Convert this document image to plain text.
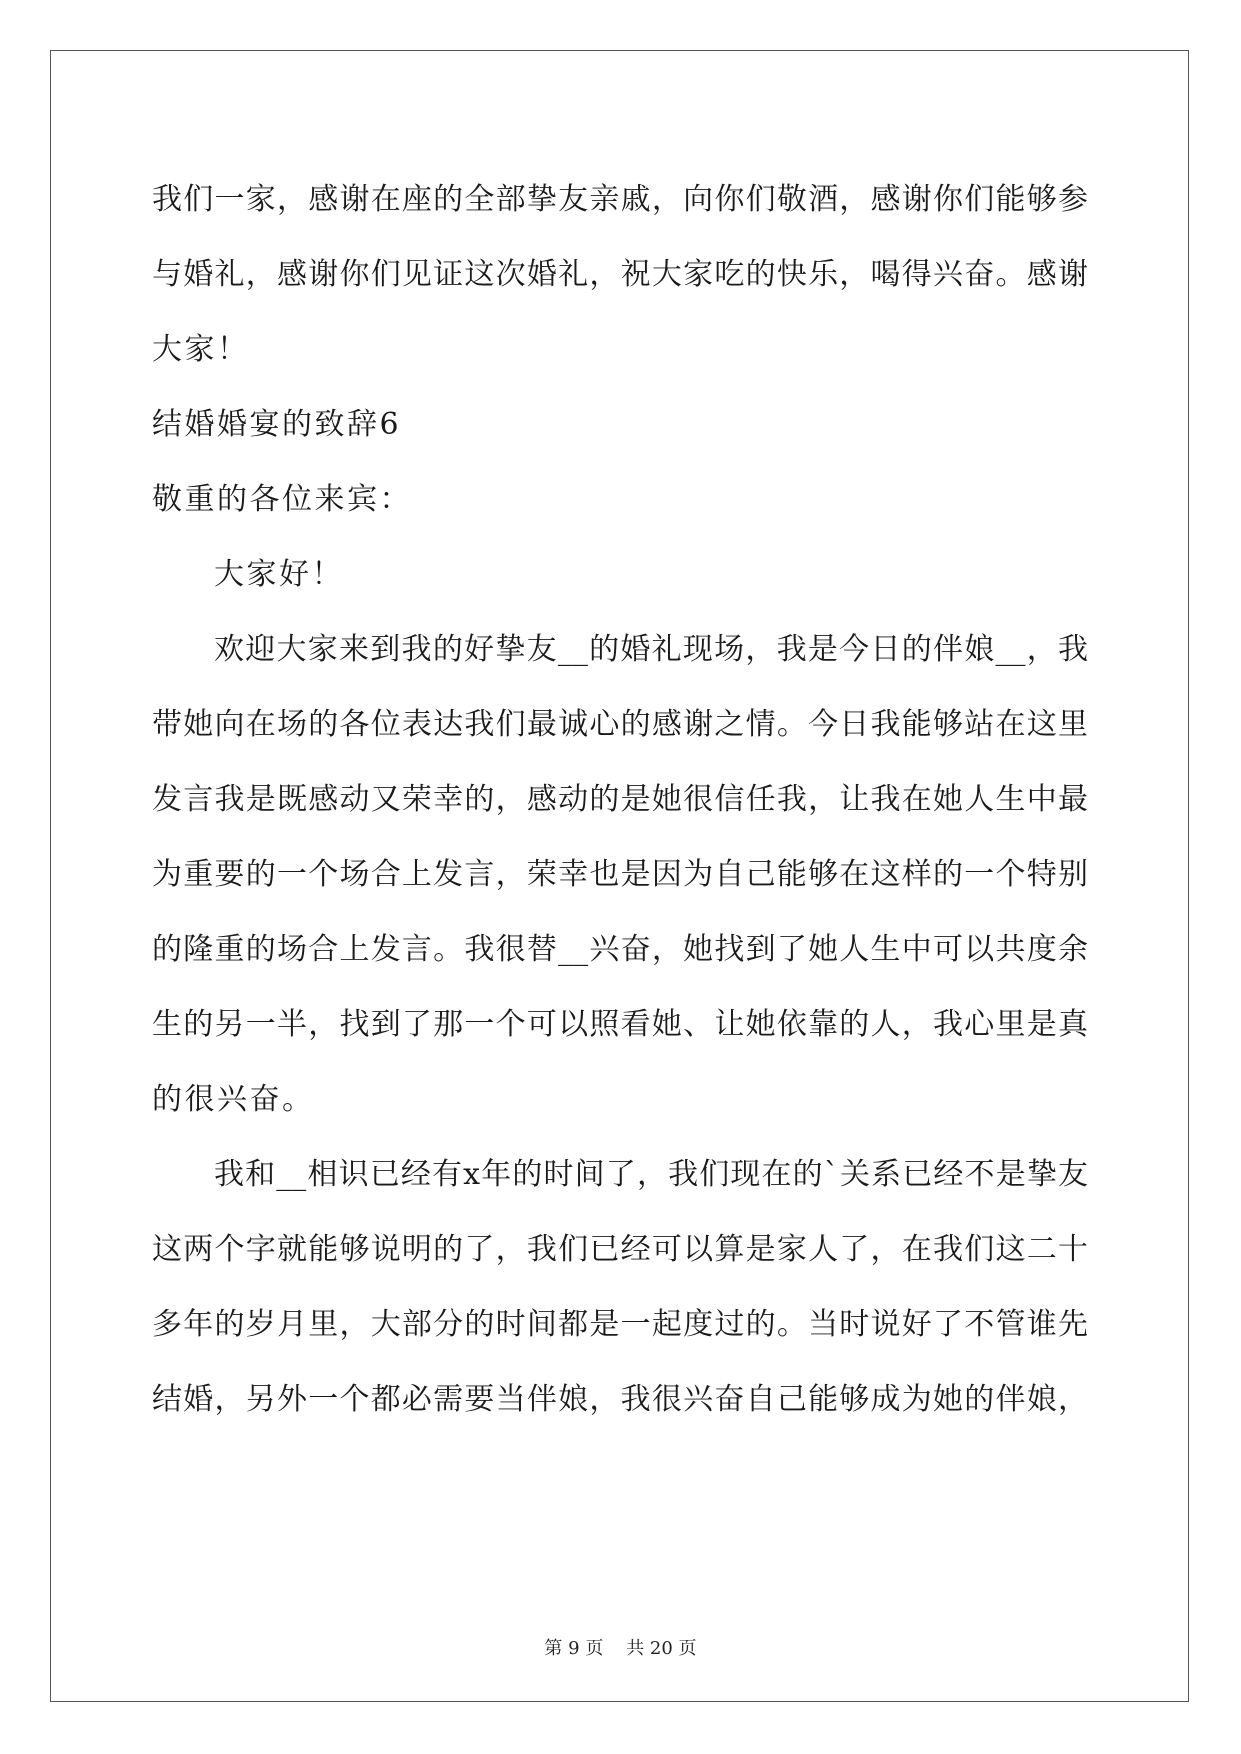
我们一家，感谢在座的全部挚友亲戚，向你们敬酒，感谢你们能够参
与婚礼，感谢你们见证这次婚礼，祝大家吃的快乐，喝得兴奋。感谢
大家！
结婚婚宴的致辞6
敬重的各位来宾：
大家好！
欢迎大家来到我的好挚友__的婚礼现场，我是今日的伴娘__，我
带她向在场的各位表达我们最诚心的感谢之情。今日我能够站在这里
发言我是既感动又荣幸的，感动的是她很信任我，让我在她人生中最
为重要的一个场合上发言，荣幸也是因为自己能够在这样的一个特别
的隆重的场合上发言。我很替__兴奋，她找到了她人生中可以共度余
生的另一半，找到了那一个可以照看她、让她依靠的人，我心里是真
的很兴奋。
我和__相识已经有x年的时间了，我们现在的`关系已经不是挚友
这两个字就能够说明的了，我们已经可以算是家人了，在我们这二十
多年的岁月里，大部分的时间都是一起度过的。当时说好了不管谁先
结婚，另外一个都必需要当伴娘，我很兴奋自己能够成为她的伴娘，
第 9 页    共 20 页
